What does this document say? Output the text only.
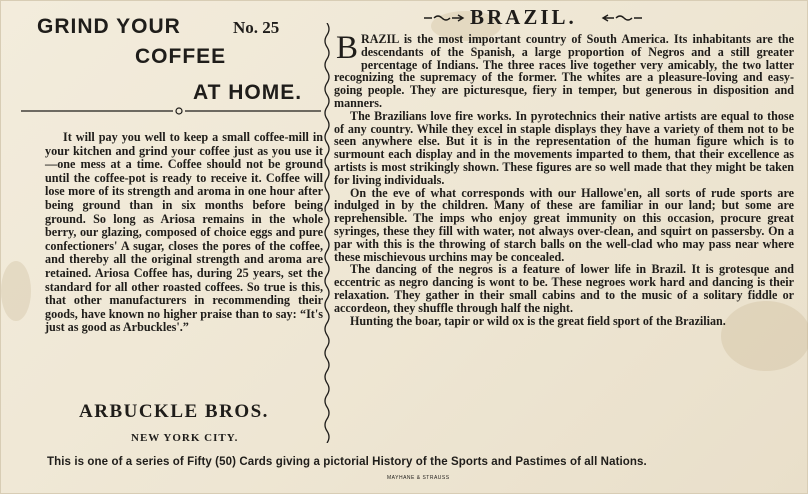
GRIND YOUR	No. 25
COFFEE
AT HOME.

It will pay you well to keep a small coffee-mill in your kitchen and grind your coffee just as you use it—one mess at a time. Coffee should not be ground until the coffee-pot is ready to receive it. Coffee will lose more of its strength and aroma in one hour after being ground than in six months before being ground. So long as Ariosa remains in the whole berry, our glazing, composed of choice eggs and pure confectioners' A sugar, closes the pores of the coffee, and thereby all the original strength and aroma are retained. Ariosa Coffee has, during 25 years, set the standard for all other roasted coffees. So true is this, that other manufacturers in recommending their goods, have known no higher praise than to say: “It's just as good as Arbuckles'.”

ARBUCKLE BROS.
NEW YORK CITY.
BRAZIL.

BRAZIL is the most important country of South America. Its inhabitants are the descendants of the Spanish, a large proportion of Negros and a still greater percentage of Indians. The three races live together very amicably, the two latter recognizing the supremacy of the former. The whites are a pleasure-loving and easy-going people. They are picturesque, fiery in temper, but generous in disposition and manners.

The Brazilians love fire works. In pyrotechnics their native artists are equal to those of any country. While they excel in staple displays they have a variety of them not to be seen anywhere else. But it is in the representation of the human figure which is to surmount each display and in the movements imparted to them, that their excellence as artists is most strikingly shown. These figures are so well made that they might be taken for living individuals.

On the eve of what corresponds with our Hallowe'en, all sorts of rude sports are indulged in by the children. Many of these are familiar in our land; but some are reprehensible. The imps who enjoy great immunity on this occasion, procure great syringes, these they fill with water, not always over-clean, and squirt on passersby. On a par with this is the throwing of starch balls on the well-clad who may pass near where these mischievous urchins may be concealed.

The dancing of the negros is a feature of lower life in Brazil. It is grotesque and eccentric as negro dancing is wont to be. These negroes work hard and dancing is their relaxation. They gather in their small cabins and to the music of a solitary fiddle or accordeon, they shuffle through half the night.

Hunting the boar, tapir or wild ox is the great field sport of the Brazilian.

This is one of a series of Fifty (50) Cards giving a pictorial History of the Sports and Pastimes of all Nations.
MAYHANE & STRAUSS
